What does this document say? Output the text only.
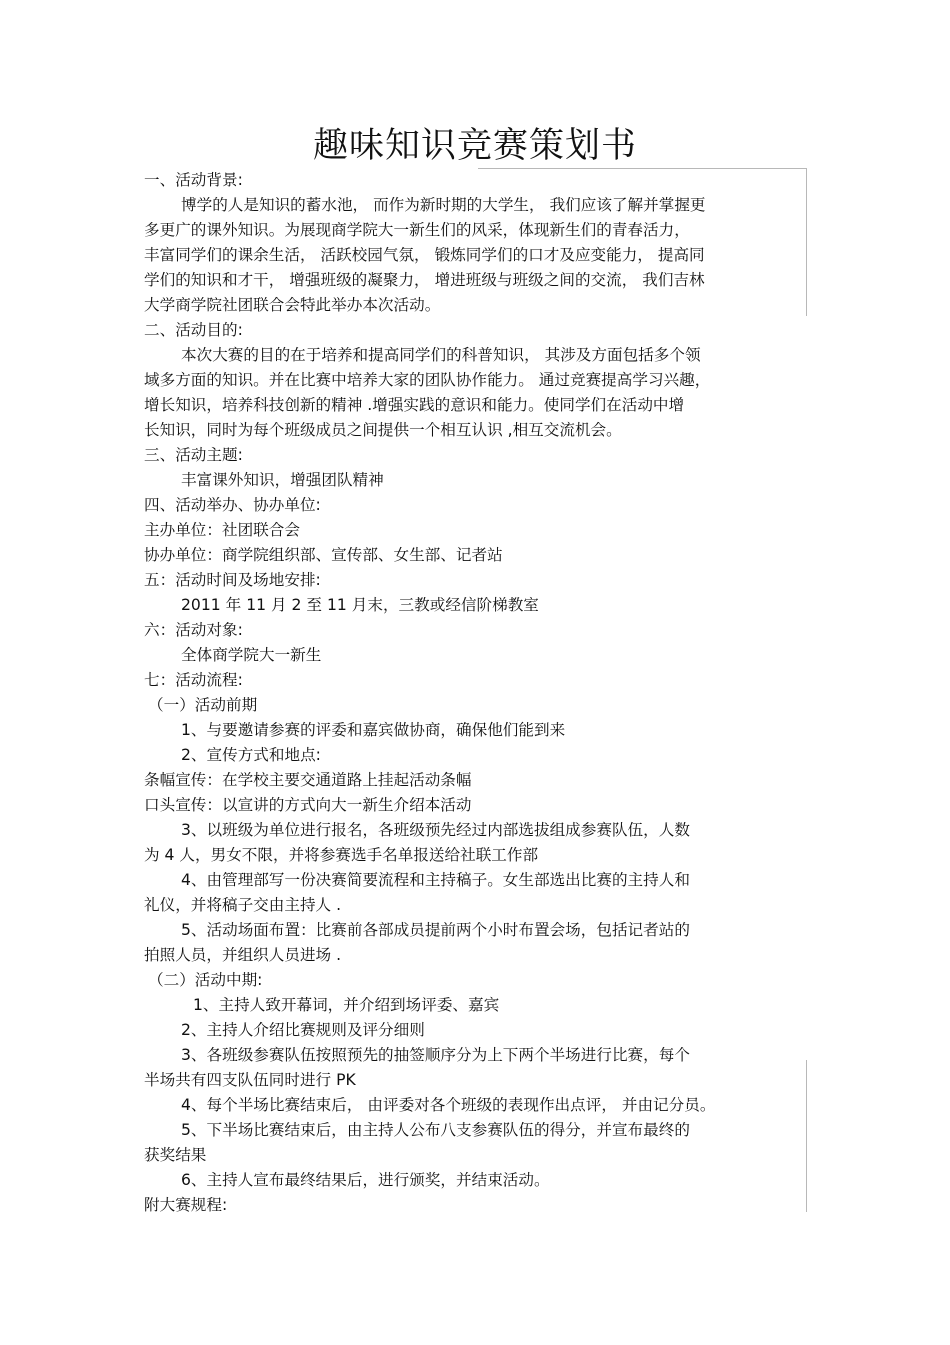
趣味知识竞赛策划书
一、活动背景:
博学的人是知识的蓄水池， 而作为新时期的大学生， 我们应该了解并掌握更
多更广的课外知识。为展现商学院大一新生们的风采，体现新生们的青春活力，
丰富同学们的课余生活， 活跃校园气氛， 锻炼同学们的口才及应变能力， 提高同
学们的知识和才干， 增强班级的凝聚力， 增进班级与班级之间的交流， 我们吉林
大学商学院社团联合会特此举办本次活动。
二、活动目的:
本次大赛的目的在于培养和提高同学们的科普知识， 其涉及方面包括多个领
域多方面的知识。并在比赛中培养大家的团队协作能力。 通过竞赛提高学习兴趣，
增长知识，培养科技创新的精神 .增强实践的意识和能力。使同学们在活动中增
长知识，同时为每个班级成员之间提供一个相互认识 ,相互交流机会。
三、活动主题:
丰富课外知识，增强团队精神
四、活动举办、协办单位:
主办单位：社团联合会
协办单位：商学院组织部、宣传部、女生部、记者站
五：活动时间及场地安排:
2011 年 11 月 2 至 11 月末，三教或经信阶梯教室
六：活动对象:
全体商学院大一新生
七：活动流程:
（一）活动前期
1、与要邀请参赛的评委和嘉宾做协商，确保他们能到来
2、宣传方式和地点:
条幅宣传：在学校主要交通道路上挂起活动条幅
口头宣传：以宣讲的方式向大一新生介绍本活动
3、以班级为单位进行报名，各班级预先经过内部选拔组成参赛队伍，人数
为 4 人，男女不限，并将参赛选手名单报送给社联工作部
4、由管理部写一份决赛简要流程和主持稿子。女生部选出比赛的主持人和
礼仪，并将稿子交由主持人 .
5、活动场面布置：比赛前各部成员提前两个小时布置会场，包括记者站的
拍照人员，并组织人员进场 .
（二）活动中期:
1、主持人致开幕词，并介绍到场评委、嘉宾
2、主持人介绍比赛规则及评分细则
3、各班级参赛队伍按照预先的抽签顺序分为上下两个半场进行比赛，每个
半场共有四支队伍同时进行 PK
4、每个半场比赛结束后， 由评委对各个班级的表现作出点评， 并由记分员。
5、下半场比赛结束后，由主持人公布八支参赛队伍的得分，并宣布最终的
获奖结果
6、主持人宣布最终结果后，进行颁奖，并结束活动。
附大赛规程:
